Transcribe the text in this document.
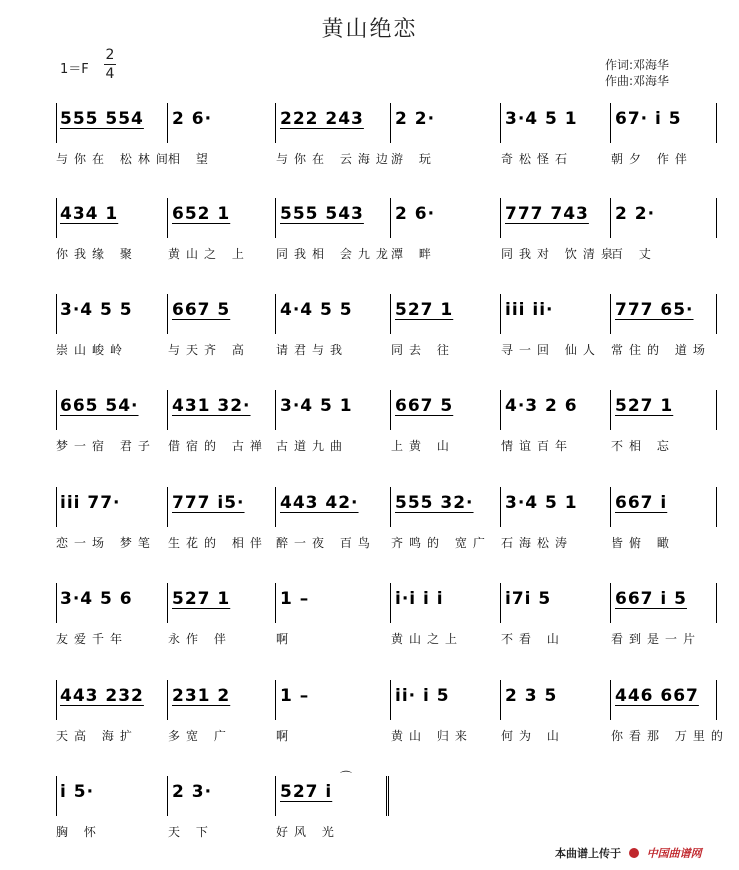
黄山绝恋
1＝F
2
4
作词:邓海华
作曲:邓海华
555 554
与你在 松林间
2 6·
相 望
222 243
与你在 云海边
2 2·
游 玩
3·4 5 1
奇松怪石
67· i 5
朝夕 作伴
434 1
你我缘 聚
652 1
黄山之 上
555 543
同我相 会九龙
2 6·
潭 畔
777 743
同我对 饮清泉
2 2·
百 丈
3·4 5 5
崇山峻岭
667 5
与天齐 高
4·4 5 5
请君与我
527 1
同去 往
iii ii·
寻一回 仙人
777 65·
常住的 道场
665 54·
梦一宿 君子
431 32·
借宿的 古禅
3·4 5 1
古道九曲
667 5
上黄 山
4·3 2 6
情谊百年
527 1
不相 忘
iii 77·
恋一场 梦笔
777 i5·
生花的 相伴
443 42·
醉一夜 百鸟
555 32·
齐鸣的 宽广
3·4 5 1
石海松涛
667 i
皆俯 瞰
3·4 5 6
友爱千年
527 1
永作 伴
1 –
啊
i·i i i
黄山之上
i7i 5
不看 山
667 i 5
看到是一片
443 232
天高 海扩
231 2
多宽 广
1 –
啊
ii· i 5
黄山 归来
2 3 5
何为 山
446 667
你看那 万里的
i 5·
胸 怀
2 3·
天 下
527 i
好风 光
⌒
本曲谱上传于 中国曲谱网
